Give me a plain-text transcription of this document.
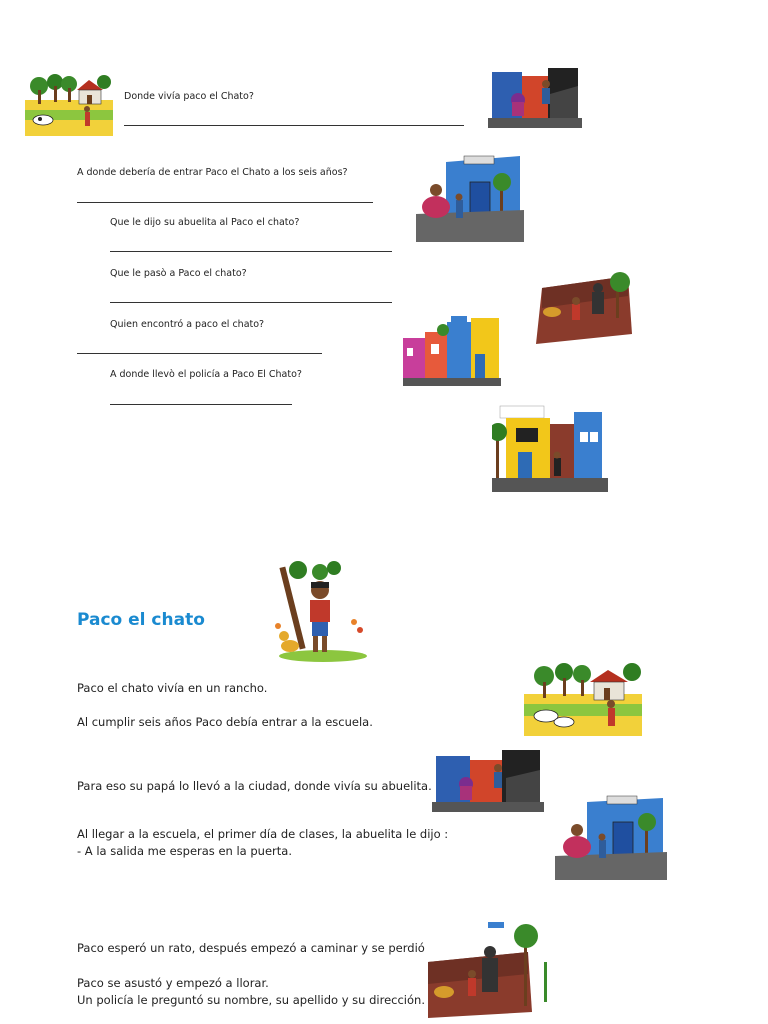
Donde vivía paco el Chato?
A donde debería de entrar Paco el Chato a los seis años?
Que le dijo su abuelita al Paco el chato?
Que le pasò a Paco el chato?
Quien encontró a paco el chato?
A donde llevò el policía a Paco El Chato?
Paco el chato
Paco el chato vivía en un rancho.
Al cumplir seis años Paco debía entrar a la escuela.
Para eso su papá lo llevó a la ciudad, donde vivía su abuelita.
Al llegar a la escuela, el primer día de clases, la abuelita le dijo :
- A la salida me esperas en la puerta.
Paco esperó un rato, después empezó a caminar y se perdió
Paco se asustó y empezó a llorar.
Un policía le preguntó su nombre, su apellido y su dirección.
